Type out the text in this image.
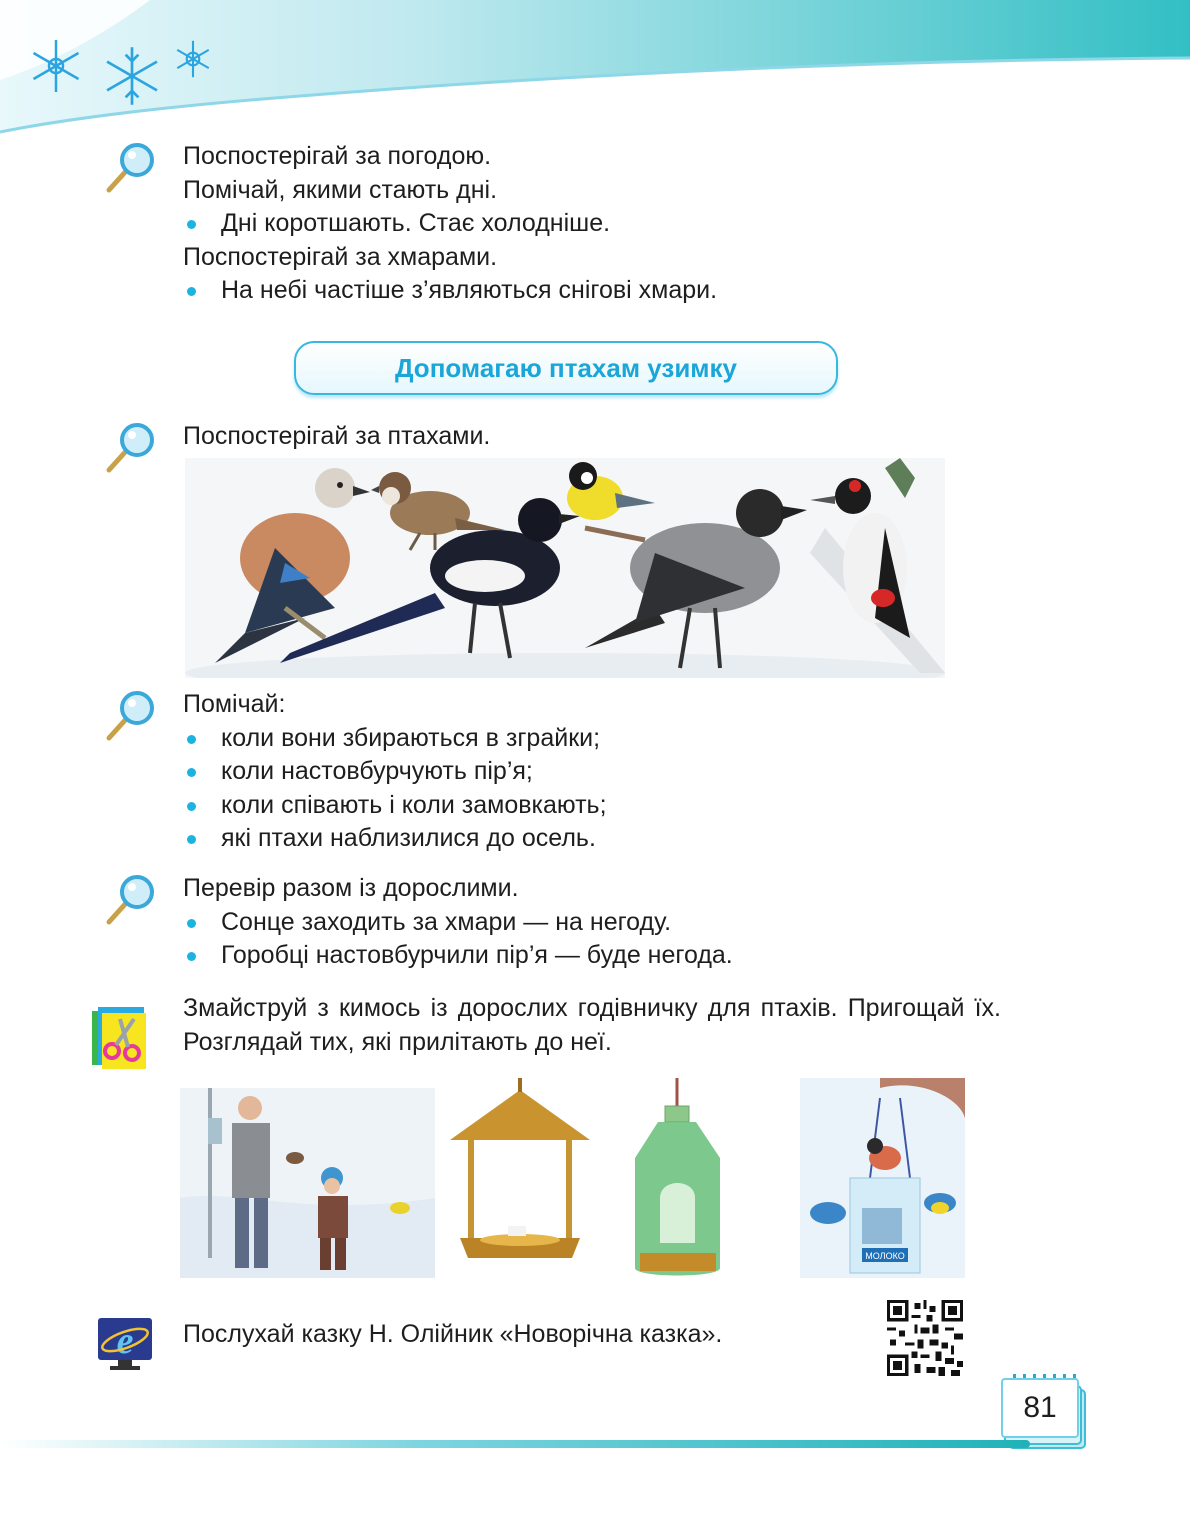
Поспостерігай за погодою.
Помічай, якими стають дні.
Дні коротшають. Стає холодніше.
Поспостерігай за хмарами.
На небі частіше з’являються снігові хмари.
Допомагаю птахам узимку
Поспостерігай за птахами.
Помічай:
коли вони збираються в зграйки;
коли настовбурчують пір’я;
коли співають і коли замовкають;
які птахи наблизилися до осель.
Перевір разом із дорослими.
Сонце заходить за хмари — на негоду.
Горобці настовбурчили пір’я — буде негода.
Змайструй з кимось із дорослих годівничку для птахів. Пригощай їх. Розглядай тих, які прилітають до неї.
МОЛОКО
e Послухай казку Н. Олійник «Новорічна казка».
81
